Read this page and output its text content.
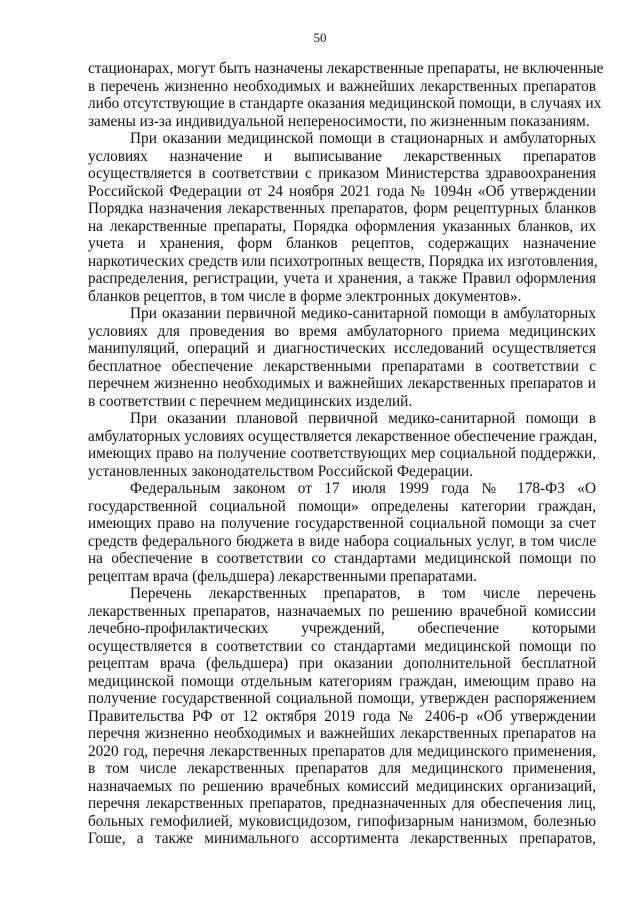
50

стационарах, могут быть назначены лекарственные препараты, не включенные
в перечень жизненно необходимых и важнейших лекарственных препаратов
либо отсутствующие в стандарте оказания медицинской помощи, в случаях их
замены из-за индивидуальной непереносимости, по жизненным показаниям.

При оказании медицинской помощи в стационарных и амбулаторных
условиях назначение и выписывание лекарственных препаратов
осуществляется в соответствии с приказом Министерства здравоохранения
Российской Федерации от 24 ноября 2021 года № 1094н «Об утверждении
Порядка назначения лекарственных препаратов, форм рецептурных бланков
на лекарственные препараты, Порядка оформления указанных бланков, их
учета и хранения, форм бланков рецептов, содержащих назначение
наркотических средств или психотропных веществ, Порядка их изготовления,
распределения, регистрации, учета и хранения, а также Правил оформления
бланков рецептов, в том числе в форме электронных документов».

При оказании первичной медико-санитарной помощи в амбулаторных
условиях для проведения во время амбулаторного приема медицинских
манипуляций, операций и диагностических исследований осуществляется
бесплатное обеспечение лекарственными препаратами в соответствии с
перечнем жизненно необходимых и важнейших лекарственных препаратов и
в соответствии с перечнем медицинских изделий.

При оказании плановой первичной медико-санитарной помощи в
амбулаторных условиях осуществляется лекарственное обеспечение граждан,
имеющих право на получение соответствующих мер социальной поддержки,
установленных законодательством Российской Федерации.

Федеральным законом от 17 июля 1999 года № 178-ФЗ «О
государственной социальной помощи» определены категории граждан,
имеющих право на получение государственной социальной помощи за счет
средств федерального бюджета в виде набора социальных услуг, в том числе
на обеспечение в соответствии со стандартами медицинской помощи по
рецептам врача (фельдшера) лекарственными препаратами.

Перечень лекарственных препаратов, в том числе перечень
лекарственных препаратов, назначаемых по решению врачебной комиссии
лечебно-профилактических учреждений, обеспечение которыми
осуществляется в соответствии со стандартами медицинской помощи по
рецептам врача (фельдшера) при оказании дополнительной бесплатной
медицинской помощи отдельным категориям граждан, имеющим право на
получение государственной социальной помощи, утвержден распоряжением
Правительства РФ от 12 октября 2019 года № 2406-р «Об утверждении
перечня жизненно необходимых и важнейших лекарственных препаратов на
2020 год, перечня лекарственных препаратов для медицинского применения,
в том числе лекарственных препаратов для медицинского применения,
назначаемых по решению врачебных комиссий медицинских организаций,
перечня лекарственных препаратов, предназначенных для обеспечения лиц,
больных гемофилией, муковисцидозом, гипофизарным нанизмом, болезнью
Гоше, а также минимального ассортимента лекарственных препаратов,
